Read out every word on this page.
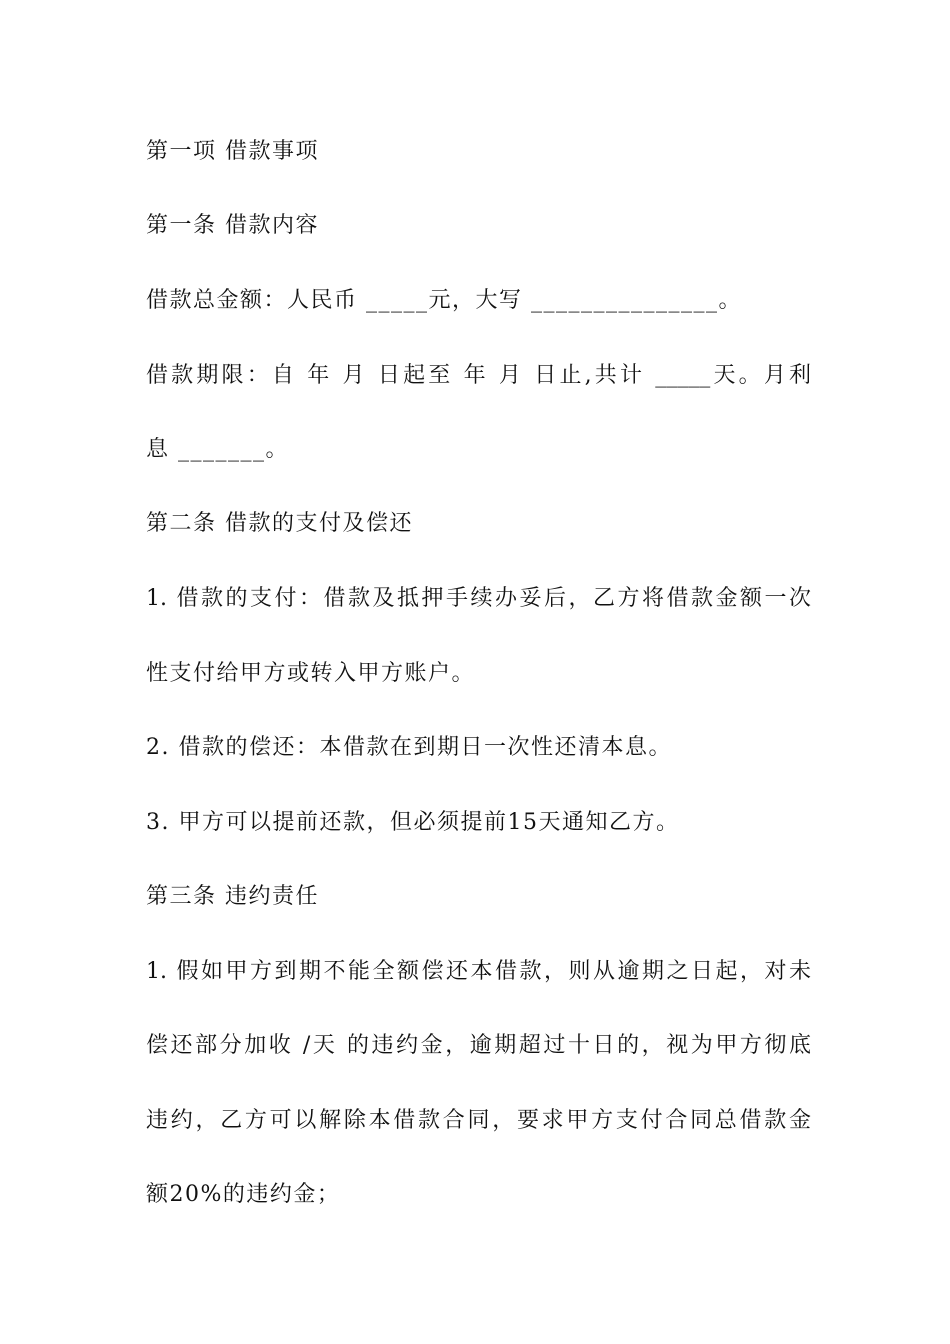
第一项 借款事项
第一条 借款内容
借款总金额：人民币 _____元，大写 _______________。
借款期限：自 年 月 日起至 年 月 日止,共计 _____天。月利
息 _______。
第二条 借款的支付及偿还
1. 借款的支付：借款及抵押手续办妥后，乙方将借款金额一次
性支付给甲方或转入甲方账户。
2. 借款的偿还：本借款在到期日一次性还清本息。
3. 甲方可以提前还款，但必须提前15天通知乙方。
第三条 违约责任
1. 假如甲方到期不能全额偿还本借款，则从逾期之日起，对未
偿还部分加收 /天 的违约金，逾期超过十日的，视为甲方彻底
违约，乙方可以解除本借款合同，要求甲方支付合同总借款金
额20%的违约金；
